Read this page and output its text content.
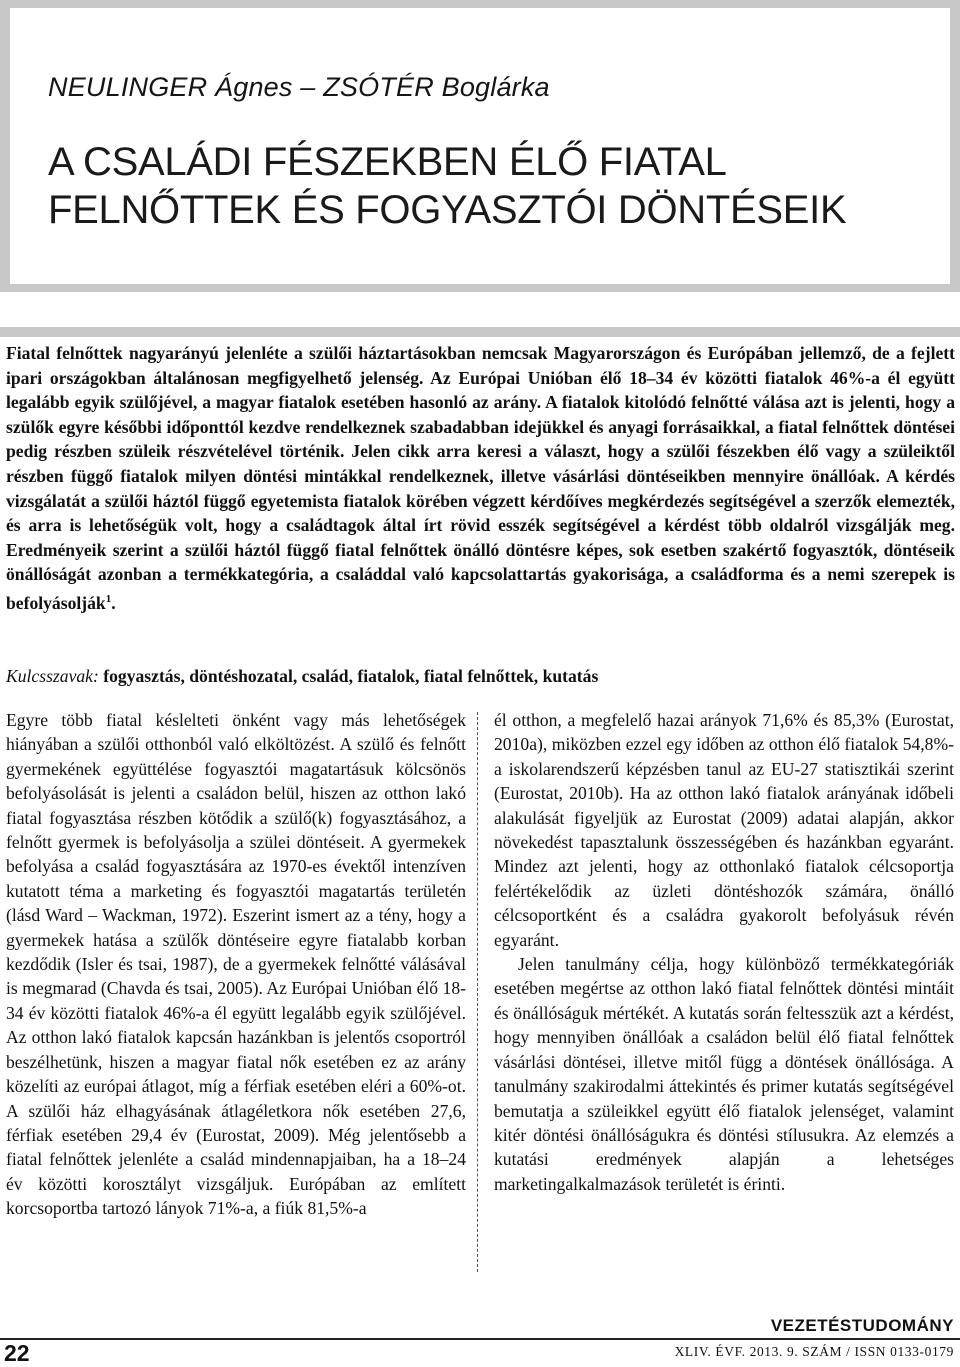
NEULINGER Ágnes – ZSÓTÉR Boglárka
A CSALÁDI FÉSZEKBEN ÉLŐ FIATAL
FELNŐTTEK ÉS FOGYASZTÓI DÖNTÉSEIK

Fiatal felnőttek nagyarányú jelenléte a szülői háztartásokban nemcsak Magyarországon és Európában jellemző, de a fejlett ipari országokban általánosan megfigyelhető jelenség. Az Európai Unióban élő 18–34 év közötti fiatalok 46%-a él együtt legalább egyik szülőjével, a magyar fiatalok esetében hasonló az arány. A fiatalok kitolódó felnőtté válása azt is jelenti, hogy a szülők egyre későbbi időponttól kezdve rendelkeznek szabadabban idejükkel és anyagi forrásaikkal, a fiatal felnőttek döntései pedig részben szüleik részvételével történik. Jelen cikk arra keresi a választ, hogy a szülői fészekben élő vagy a szüleiktől részben függő fiatalok milyen döntési mintákkal rendelkeznek, illetve vásárlási döntéseikben mennyire önállóak. A kérdés vizsgálatát a szülői háztól függő egyetemista fiatalok körében végzett kérdőíves megkérdezés segítségével a szerzők elemezték, és arra is lehetőségük volt, hogy a családtagok által írt rövid esszék segítségével a kérdést több oldalról vizsgálják meg. Eredményeik szerint a szülői háztól függő fiatal felnőttek önálló döntésre képes, sok esetben szakértő fogyasztók, döntéseik önállóságát azonban a termékkategória, a családdal való kapcsolattartás gyakorisága, a családforma és a nemi szerepek is befolyásolják$^1$.

Kulcsszavak: fogyasztás, döntéshozatal, család, fiatalok, fiatal felnőttek, kutatás

Egyre több fiatal késlelteti önként vagy más lehetőségek hiányában a szülői otthonból való elköltözést. A szülő és felnőtt gyermekének együttélése fogyasztói magatartásuk kölcsönös befolyásolását is jelenti a családon belül, hiszen az otthon lakó fiatal fogyasztása részben kötődik a szülő(k) fogyasztásához, a felnőtt gyermek is befolyásolja a szülei döntéseit. A gyermekek befolyása a család fogyasztására az 1970-es évektől intenzíven kutatott téma a marketing és fogyasztói magatartás területén (lásd Ward – Wackman, 1972). Eszerint ismert az a tény, hogy a gyermekek hatása a szülők döntéseire egyre fiatalabb korban kezdődik (Isler és tsai, 1987), de a gyermekek felnőtté válásával is megmarad (Chavda és tsai, 2005). Az Európai Unióban élő 18-34 év közötti fiatalok 46%-a él együtt legalább egyik szülőjével. Az otthon lakó fiatalok kapcsán hazánkban is jelentős csoportról beszélhetünk, hiszen a magyar fiatal nők esetében ez az arány közelíti az európai átlagot, míg a férfiak esetében eléri a 60%-ot. A szülői ház elhagyásának átlagéletkora nők esetében 27,6, férfiak esetében 29,4 év (Eurostat, 2009). Még jelentősebb a fiatal felnőttek jelenléte a család mindennapjaiban, ha a 18–24 év közötti korosztályt vizsgáljuk. Európában az említett korcsoportba tartozó lányok 71%-a, a fiúk 81,5%-a

él otthon, a megfelelő hazai arányok 71,6% és 85,3% (Eurostat, 2010a), miközben ezzel egy időben az otthon élő fiatalok 54,8%-a iskolarendszerű képzésben tanul az EU-27 statisztikái szerint (Eurostat, 2010b). Ha az otthon lakó fiatalok arányának időbeli alakulását figyeljük az Eurostat (2009) adatai alapján, akkor növekedést tapasztalunk összességében és hazánkban egyaránt. Mindez azt jelenti, hogy az otthonlakó fiatalok célcsoportja felértékelődik az üzleti döntéshozók számára, önálló célcsoportként és a családra gyakorolt befolyásuk révén egyaránt.

Jelen tanulmány célja, hogy különböző termékkategóriák esetében megértse az otthon lakó fiatal felnőttek döntési mintáit és önállóságuk mértékét. A kutatás során feltesszük azt a kérdést, hogy mennyiben önállóak a családon belül élő fiatal felnőttek vásárlási döntései, illetve mitől függ a döntések önállósága. A tanulmány szakirodalmi áttekintés és primer kutatás segítségével bemutatja a szüleikkel együtt élő fiatalok jelenséget, valamint kitér döntési önállóságukra és döntési stílusukra. Az elemzés a kutatási eredmények alapján a lehetséges marketingalkalmazások területét is érinti.

VEZETÉSTUDOMÁNY
22	XLIV. ÉVF. 2013. 9. SZÁM / ISSN 0133-0179
